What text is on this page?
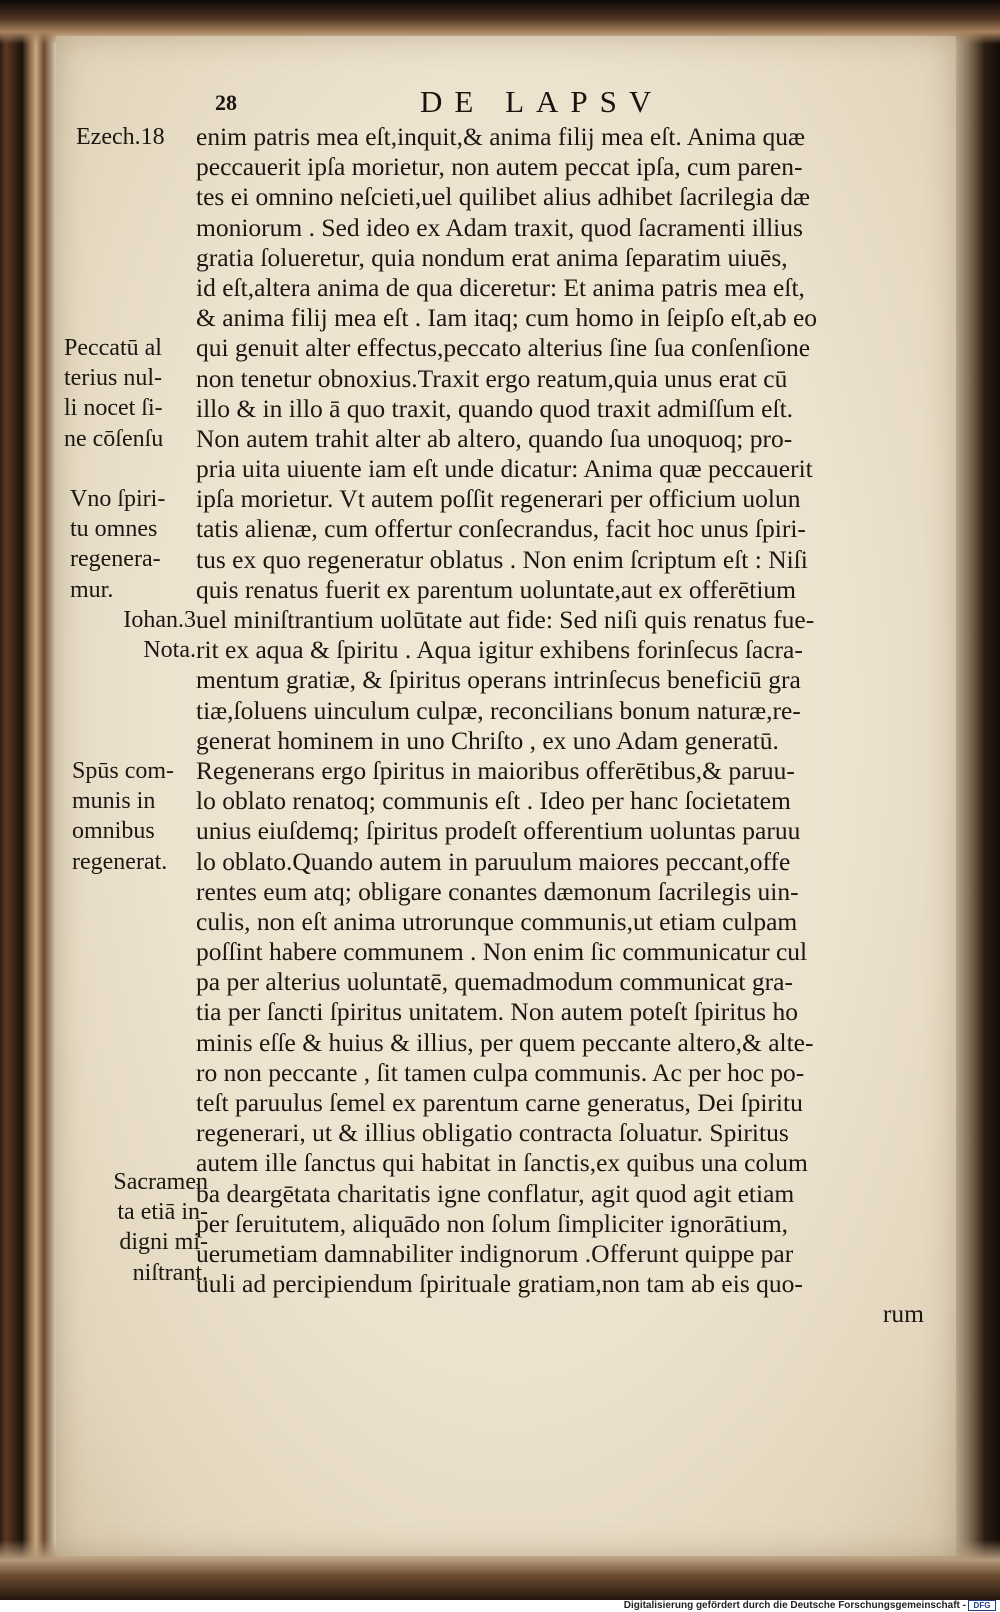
28	DE LAPSV
enim patris mea eſt,inquit,& anima filij mea eſt. Anima quæ
peccauerit ipſa morietur, non autem peccat ipſa, cum paren‐
tes ei omnino neſcieti,uel quilibet alius adhibet ſacrilegia dæ
moniorum . Sed ideo ex Adam traxit, quod ſacramenti illius
gratia ſolueretur, quia nondum erat anima ſeparatim uiuēs,
id eſt,altera anima de qua diceretur: Et anima patris mea eſt,
& anima filij mea eſt . Iam itaq; cum homo in ſeipſo eſt,ab eo
qui genuit alter effectus,peccato alterius ſine ſua conſenſione
non tenetur obnoxius.Traxit ergo reatum,quia unus erat cū
illo & in illo ā quo traxit, quando quod traxit admiſſum eſt.
Non autem trahit alter ab altero, quando ſua unoquoq; pro‐
pria uita uiuente iam eſt unde dicatur: Anima quæ peccauerit
ipſa morietur. Vt autem poſſit regenerari per officium uolun
tatis alienæ, cum offertur conſecrandus, facit hoc unus ſpiri‐
tus ex quo regeneratur oblatus . Non enim ſcriptum eſt : Niſi
quis renatus fuerit ex parentum uoluntate,aut ex offerētium
uel miniſtrantium uolūtate aut fide: Sed niſi quis renatus fue‐
rit ex aqua & ſpiritu . Aqua igitur exhibens forinſecus ſacra‐
mentum gratiæ, & ſpiritus operans intrinſecus beneficiū gra
tiæ,ſoluens uinculum culpæ, reconcilians bonum naturæ,re‐
generat hominem in uno Chriſto , ex uno Adam generatū.
Regenerans ergo ſpiritus in maioribus offerētibus,& paruu‐
lo oblato renatoq; communis eſt . Ideo per hanc ſocietatem
unius eiuſdemq; ſpiritus prodeſt offerentium uoluntas paruu
lo oblato.Quando autem in paruulum maiores peccant,offe
rentes eum atq; obligare conantes dæmonum ſacrilegis uin‐
culis, non eſt anima utrorunque communis,ut etiam culpam
poſſint habere communem . Non enim ſic communicatur cul
pa per alterius uoluntatē, quemadmodum communicat gra‐
tia per ſancti ſpiritus unitatem. Non autem poteſt ſpiritus ho
minis eſſe & huius & illius, per quem peccante altero,& alte‐
ro non peccante , ſit tamen culpa communis. Ac per hoc po‐
teſt paruulus ſemel ex parentum carne generatus, Dei ſpiritu
regenerari, ut & illius obligatio contracta ſoluatur. Spiritus
autem ille ſanctus qui habitat in ſanctis,ex quibus una colum
ba deargētata charitatis igne conflatur, agit quod agit etiam
per ſeruitutem, aliquādo non ſolum ſimpliciter ignorātium,
uerumetiam damnabiliter indignorum .Offerunt quippe par
uuli ad percipiendum ſpirituale gratiam,non tam ab eis quo‐
rum
Ezech.18
Peccatū al
terius nul‐
li nocet ſi‐
ne cōſenſu
Vno ſpiri‐
tu omnes
regenera‐
mur.
Iohan.3
Nota.
Spūs com‐
munis in
omnibus
regenerat.
Sacramen
ta etiā in‐
digni mi‐
niſtrant.
Digitalisierung gefördert durch die Deutsche Forschungsgemeinschaft - DFG
